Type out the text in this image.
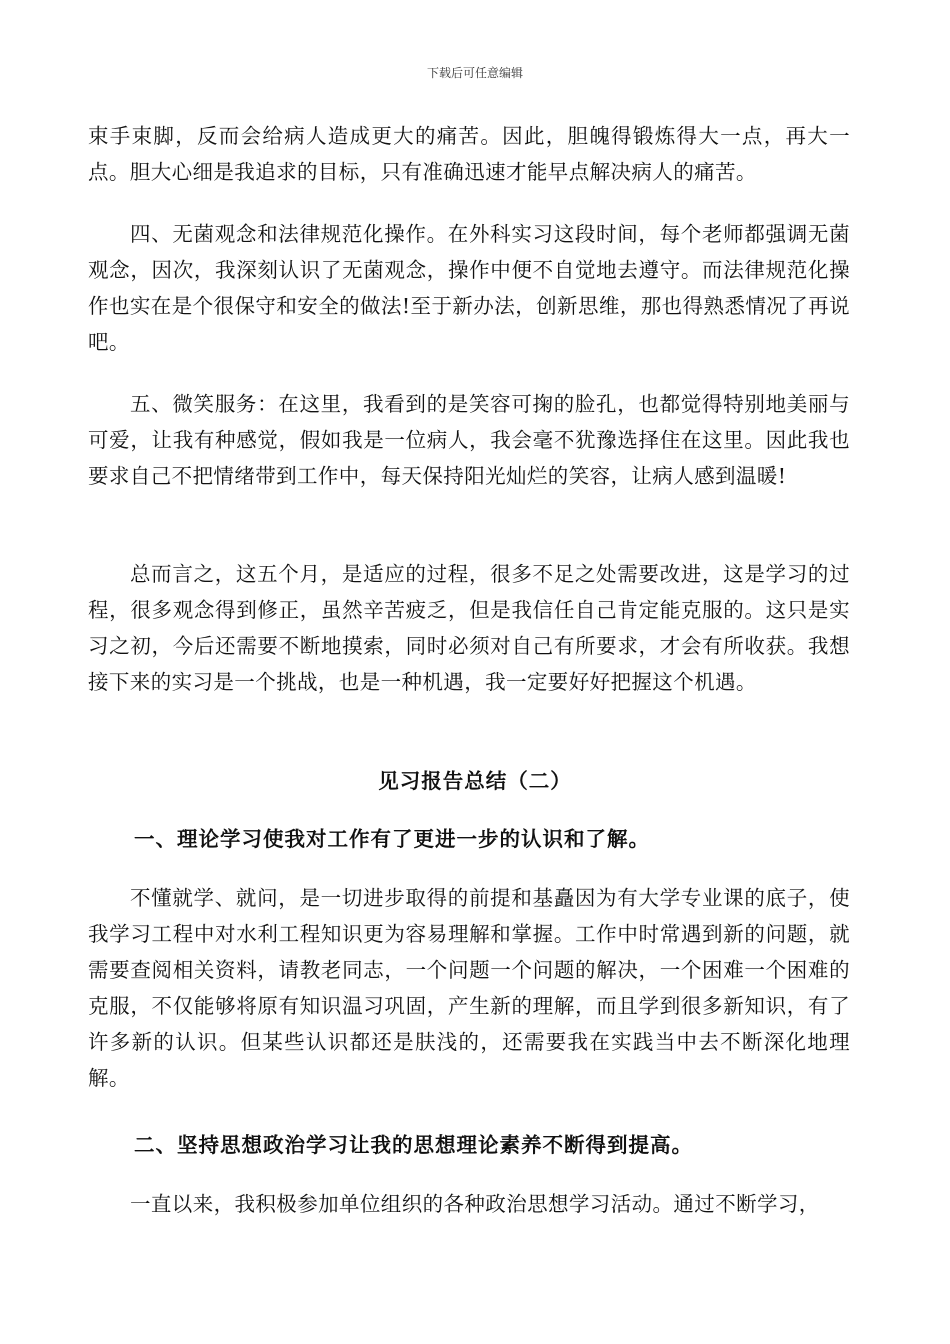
下载后可任意编辑

束手束脚，反而会给病人造成更大的痛苦。因此，胆魄得锻炼得大一点，再大一点。胆大心细是我追求的目标，只有准确迅速才能早点解决病人的痛苦。

四、无菌观念和法律规范化操作。在外科实习这段时间，每个老师都强调无菌观念，因次，我深刻认识了无菌观念，操作中便不自觉地去遵守。而法律规范化操作也实在是个很保守和安全的做法!至于新办法，创新思维，那也得熟悉情况了再说吧。

五、微笑服务：在这里，我看到的是笑容可掬的脸孔，也都觉得特别地美丽与可爱，让我有种感觉，假如我是一位病人，我会毫不犹豫选择住在这里。因此我也要求自己不把情绪带到工作中，每天保持阳光灿烂的笑容，让病人感到温暖!

总而言之，这五个月，是适应的过程，很多不足之处需要改进，这是学习的过程，很多观念得到修正，虽然辛苦疲乏，但是我信任自己肯定能克服的。这只是实习之初，今后还需要不断地摸索，同时必须对自己有所要求，才会有所收获。我想接下来的实习是一个挑战，也是一种机遇，我一定要好好把握这个机遇。

见习报告总结（二）
一、理论学习使我对工作有了更进一步的认识和了解。

不懂就学、就问，是一切进步取得的前提和基矗因为有大学专业课的底子，使我学习工程中对水利工程知识更为容易理解和掌握。工作中时常遇到新的问题，就需要查阅相关资料，请教老同志，一个问题一个问题的解决，一个困难一个困难的克服，不仅能够将原有知识温习巩固，产生新的理解，而且学到很多新知识，有了许多新的认识。但某些认识都还是肤浅的，还需要我在实践当中去不断深化地理解。

二、坚持思想政治学习让我的思想理论素养不断得到提高。

一直以来，我积极参加单位组织的各种政治思想学习活动。通过不断学习，
